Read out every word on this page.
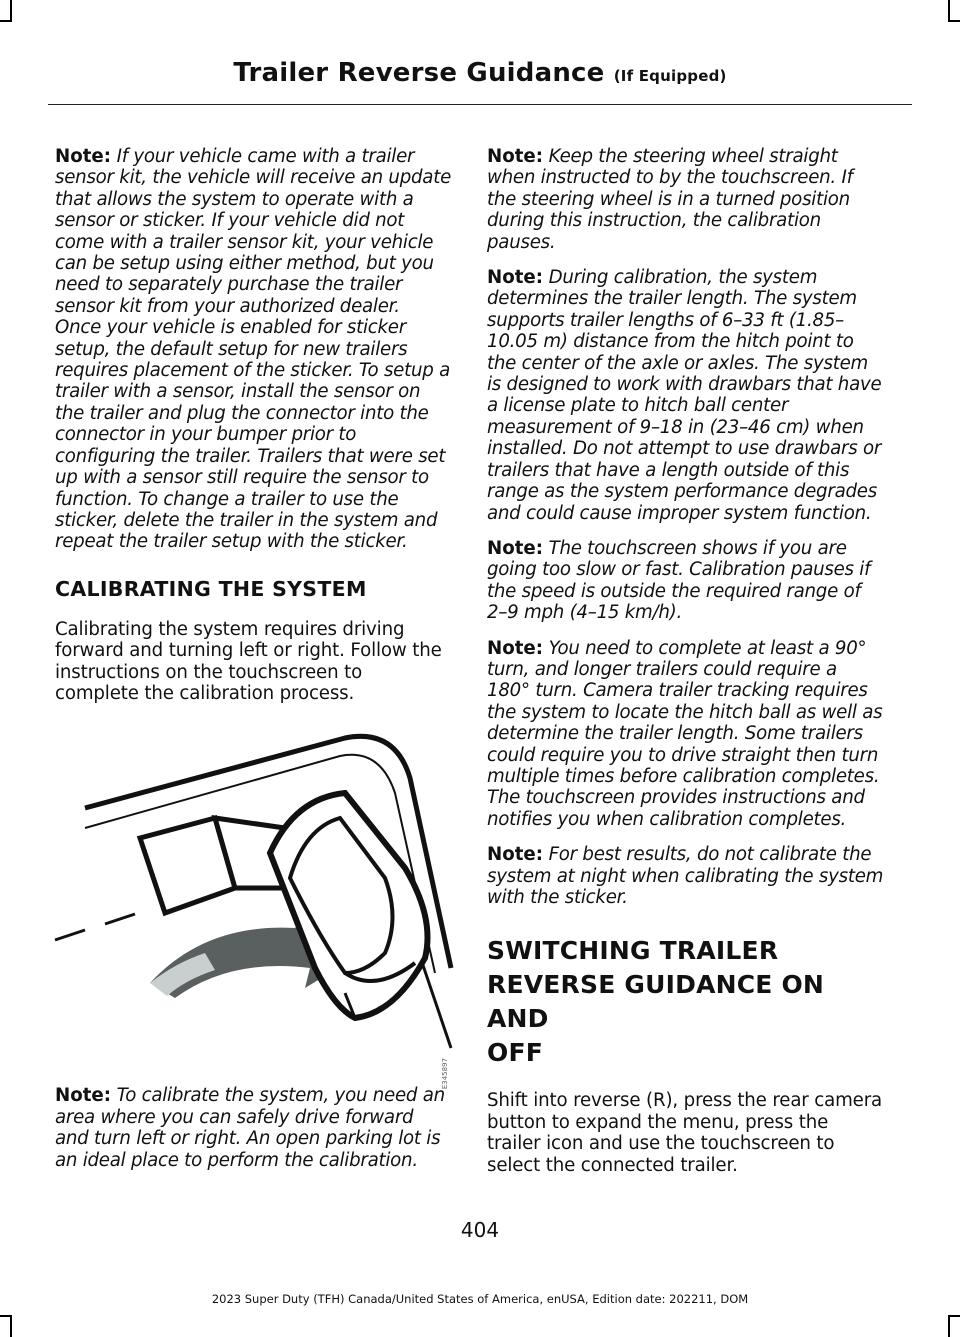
Trailer Reverse Guidance (If Equipped)

Note: If your vehicle came with a trailer sensor kit, the vehicle will receive an update that allows the system to operate with a sensor or sticker. If your vehicle did not come with a trailer sensor kit, your vehicle can be setup using either method, but you need to separately purchase the trailer sensor kit from your authorized dealer. Once your vehicle is enabled for sticker setup, the default setup for new trailers requires placement of the sticker. To setup a trailer with a sensor, install the sensor on the trailer and plug the connector into the connector in your bumper prior to configuring the trailer. Trailers that were set up with a sensor still require the sensor to function. To change a trailer to use the sticker, delete the trailer in the system and repeat the trailer setup with the sticker.

CALIBRATING THE SYSTEM

Calibrating the system requires driving forward and turning left or right. Follow the instructions on the touchscreen to complete the calibration process.

E345897

Note: To calibrate the system, you need an area where you can safely drive forward and turn left or right. An open parking lot is an ideal place to perform the calibration.

Note: Keep the steering wheel straight when instructed to by the touchscreen. If the steering wheel is in a turned position during this instruction, the calibration pauses.

Note: During calibration, the system determines the trailer length. The system supports trailer lengths of 6–33 ft (1.85–10.05 m) distance from the hitch point to the center of the axle or axles. The system is designed to work with drawbars that have a license plate to hitch ball center measurement of 9–18 in (23–46 cm) when installed. Do not attempt to use drawbars or trailers that have a length outside of this range as the system performance degrades and could cause improper system function.

Note: The touchscreen shows if you are going too slow or fast. Calibration pauses if the speed is outside the required range of 2–9 mph (4–15 km/h).

Note: You need to complete at least a 90° turn, and longer trailers could require a 180° turn. Camera trailer tracking requires the system to locate the hitch ball as well as determine the trailer length. Some trailers could require you to drive straight then turn multiple times before calibration completes. The touchscreen provides instructions and notifies you when calibration completes.

Note: For best results, do not calibrate the system at night when calibrating the system with the sticker.

SWITCHING TRAILER
REVERSE GUIDANCE ON AND
OFF

Shift into reverse (R), press the rear camera button to expand the menu, press the trailer icon and use the touchscreen to select the connected trailer.

404
2023 Super Duty (TFH) Canada/United States of America, enUSA, Edition date: 202211, DOM
